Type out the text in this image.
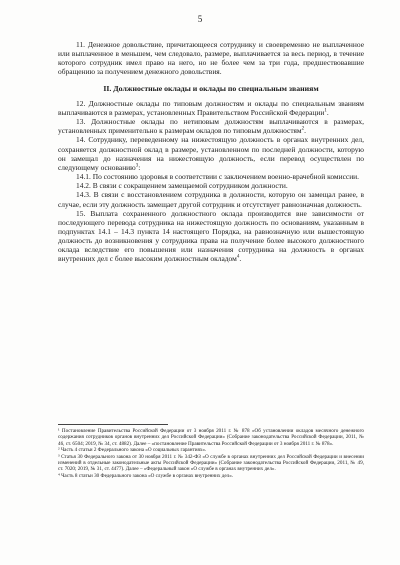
5

11. Денежное довольствие, причитающееся сотруднику и своевременно не выплаченное или выплаченное в меньшем, чем следовало, размере, выплачивается за весь период, в течение которого сотрудник имел право на него, но не более чем за три года, предшествовавшие обращению за получением денежного довольствия.

II. Должностные оклады и оклады по специальным званиям

12. Должностные оклады по типовым должностям и оклады по специальным званиям выплачиваются в размерах, установленных Правительством Российской Федерации$^1$.

13. Должностные оклады по нетиповым должностям выплачиваются в размерах, установленных применительно к размерам окладов по типовым должностям$^2$.

14. Сотруднику, переведенному на нижестоящую должность в органах внутренних дел, сохраняется должностной оклад в размере, установленном по последней должности, которую он замещал до назначения на нижестоящую должность, если перевод осуществлен по следующему основанию$^3$:

14.1. По состоянию здоровья в соответствии с заключением военно-врачебной комиссии.

14.2. В связи с сокращением замещаемой сотрудником должности.

14.3. В связи с восстановлением сотрудника в должности, которую он замещал ранее, в случае, если эту должность замещает другой сотрудник и отсутствует равнозначная должность.

15. Выплата сохраненного должностного оклада производится вне зависимости от последующего перевода сотрудника на нижестоящую должность по основаниям, указанным в подпунктах 14.1 – 14.3 пункта 14 настоящего Порядка, на равнозначную или вышестоящую должность до возникновения у сотрудника права на получение более высокого должностного оклада вследствие его повышения или назначения сотрудника на должность в органах внутренних дел с более высоким должностным окладом$^4$.

¹ Постановление Правительства Российской Федерации от 3 ноября 2011 г. № 878 «Об установлении окладов месячного денежного содержания сотрудников органов внутренних дел Российской Федерации» (Собрание законодательства Российской Федерации, 2011, № 46, ст. 6504; 2019, № 34, ст. 4882). Далее – «постановление Правительства Российской Федерации от 3 ноября 2011 г. № 878».

² Часть 4 статьи 2 Федерального закона «О социальных гарантиях».

³ Статья 30 Федерального закона от 30 ноября 2011 г. № 342-ФЗ «О службе в органах внутренних дел Российской Федерации и внесении изменений в отдельные законодательные акты Российской Федерации» (Собрание законодательства Российской Федерации, 2011, № 49, ст. 7020; 2019, № 31, ст. 4477). Далее – «Федеральный закон «О службе в органах внутренних дел».

⁴ Часть 8 статьи 30 Федерального закона «О службе в органах внутренних дел».
